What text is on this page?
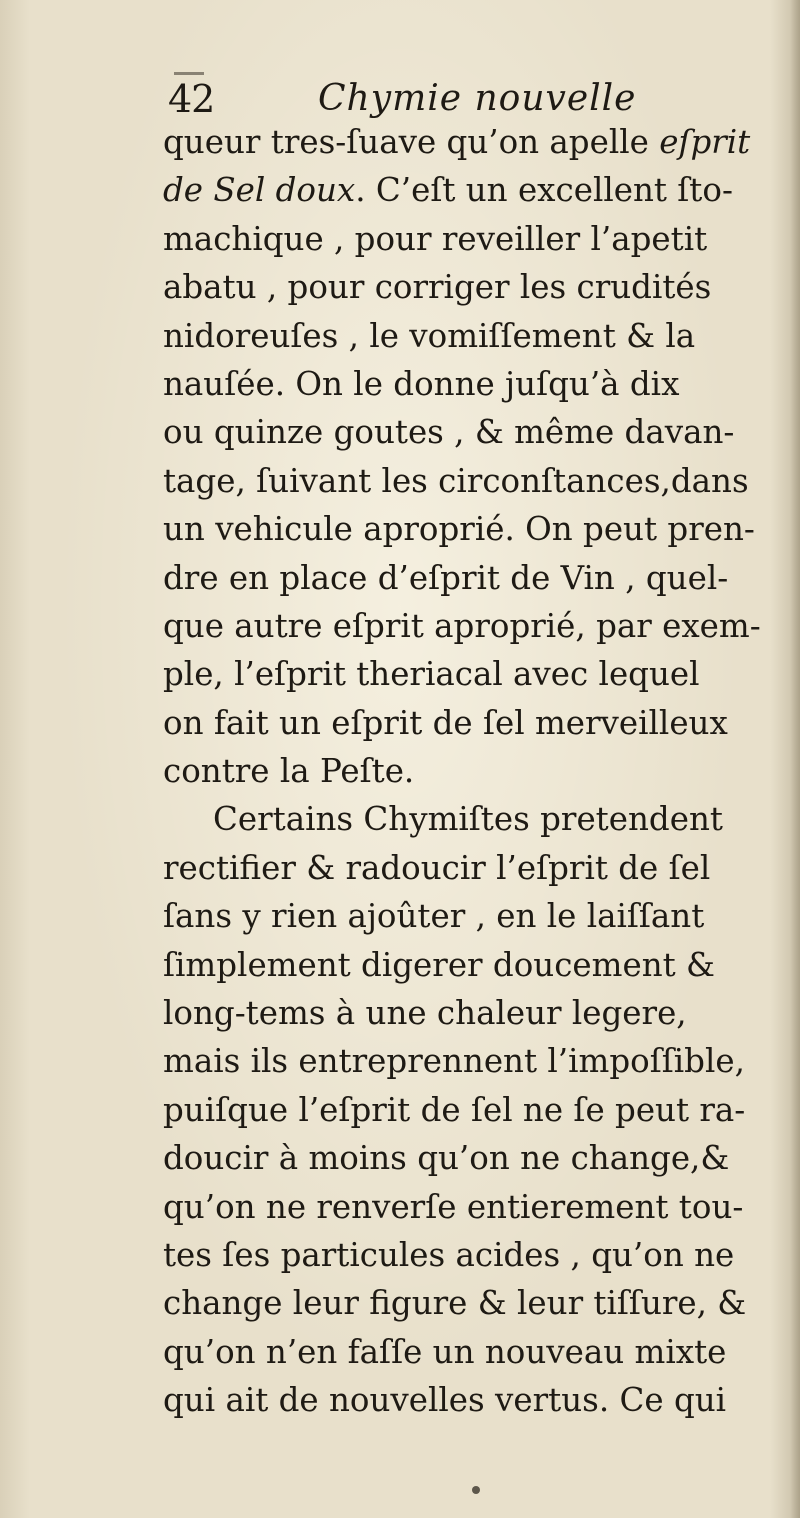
42	Chymie nouvelle
queur tres-ſuave qu’on apelle eſprit
de Sel doux. C’eſt un excellent ſto-
machique , pour reveiller l’apetit
abatu , pour corriger les crudités
nidoreuſes , le vomiſſement & la
nauſée. On le donne juſqu’à dix
ou quinze goutes , & même davan-
tage, ſuivant les circonſtances,dans
un vehicule aproprié. On peut pren-
dre en place d’eſprit de Vin , quel-
que autre eſprit aproprié, par exem-
ple, l’eſprit theriacal avec lequel
on fait un eſprit de ſel merveilleux
contre la Peſte.
Certains Chymiſtes pretendent
rectifier & radoucir l’eſprit de ſel
ſans y rien ajoûter , en le laiſſant
ſimplement digerer doucement &
long-tems à une chaleur legere,
mais ils entreprennent l’impoſſible,
puiſque l’eſprit de ſel ne ſe peut ra-
doucir à moins qu’on ne change,&
qu’on ne renverſe entierement tou-
tes ſes particules acides , qu’on ne
change leur figure & leur tiſſure, &
qu’on n’en faſſe un nouveau mixte
qui ait de nouvelles vertus. Ce qui
